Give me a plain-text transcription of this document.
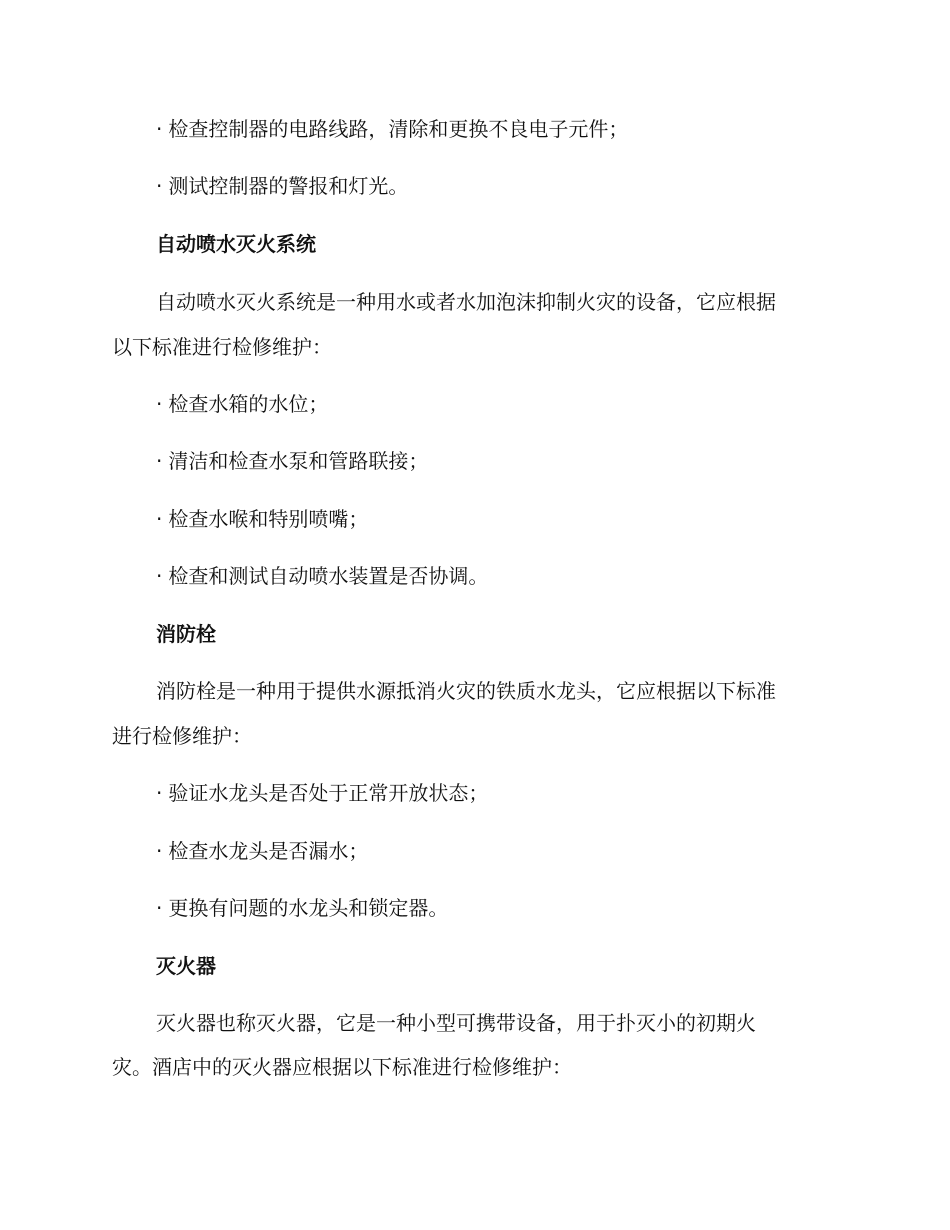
· 检查控制器的电路线路，清除和更换不良电子元件；
· 测试控制器的警报和灯光。
自动喷水灭火系统
自动喷水灭火系统是一种用水或者水加泡沫抑制火灾的设备，它应根据
以下标准进行检修维护：
· 检查水箱的水位；
· 清洁和检查水泵和管路联接；
· 检查水喉和特别喷嘴；
· 检查和测试自动喷水装置是否协调。
消防栓
消防栓是一种用于提供水源抵消火灾的铁质水龙头，它应根据以下标准
进行检修维护：
· 验证水龙头是否处于正常开放状态；
· 检查水龙头是否漏水；
· 更换有问题的水龙头和锁定器。
灭火器
灭火器也称灭火器，它是一种小型可携带设备，用于扑灭小的初期火
灾。酒店中的灭火器应根据以下标准进行检修维护：
